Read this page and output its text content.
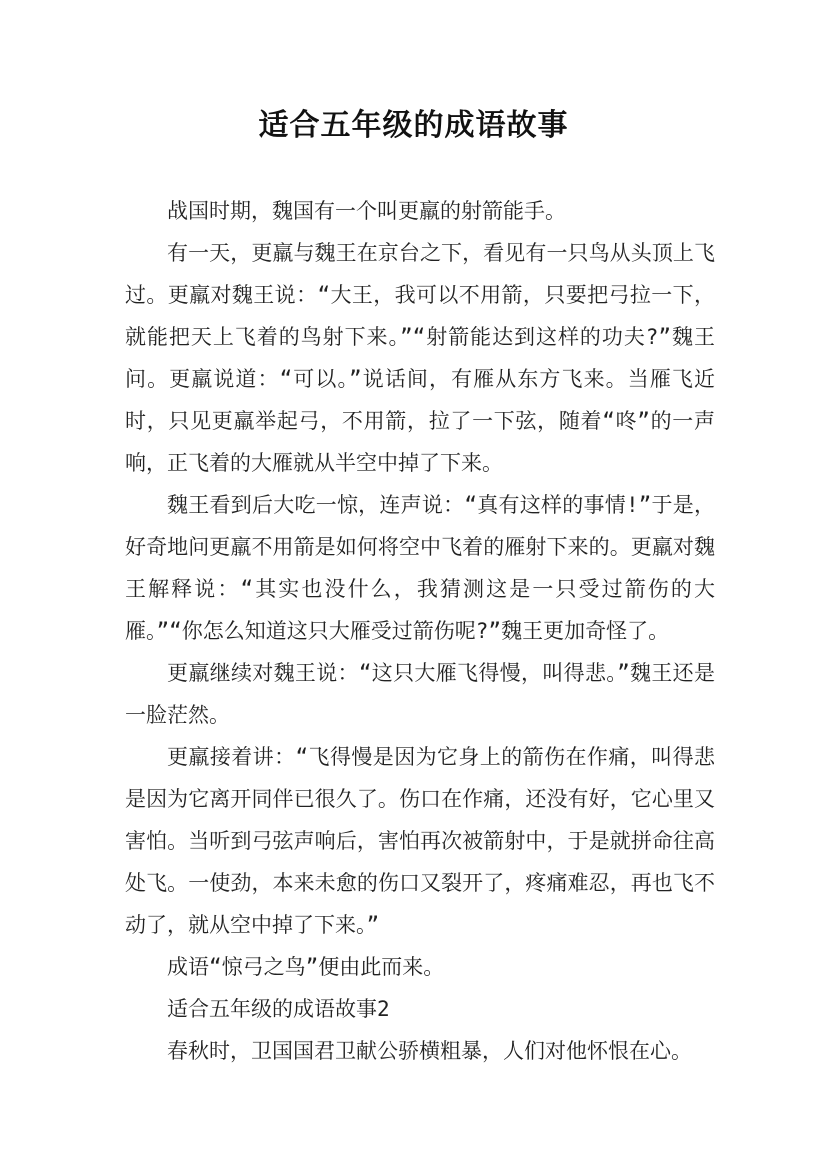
适合五年级的成语故事

战国时期，魏国有一个叫更羸的射箭能手。

有一天，更羸与魏王在京台之下，看见有一只鸟从头顶上飞过。更羸对魏王说：“大王，我可以不用箭，只要把弓拉一下，就能把天上飞着的鸟射下来。”“射箭能达到这样的功夫?”魏王问。更羸说道：“可以。”说话间，有雁从东方飞来。当雁飞近时，只见更羸举起弓，不用箭，拉了一下弦，随着“咚”的一声响，正飞着的大雁就从半空中掉了下来。

魏王看到后大吃一惊，连声说：“真有这样的事情!”于是，好奇地问更羸不用箭是如何将空中飞着的雁射下来的。更羸对魏王解释说：“其实也没什么，我猜测这是一只受过箭伤的大雁。”“你怎么知道这只大雁受过箭伤呢?”魏王更加奇怪了。

更羸继续对魏王说：“这只大雁飞得慢，叫得悲。”魏王还是一脸茫然。

更羸接着讲：“飞得慢是因为它身上的箭伤在作痛，叫得悲是因为它离开同伴已很久了。伤口在作痛，还没有好，它心里又害怕。当听到弓弦声响后，害怕再次被箭射中，于是就拼命往高处飞。一使劲，本来未愈的伤口又裂开了，疼痛难忍，再也飞不动了，就从空中掉了下来。”

成语“惊弓之鸟”便由此而来。

适合五年级的成语故事2

春秋时，卫国国君卫献公骄横粗暴，人们对他怀恨在心。
